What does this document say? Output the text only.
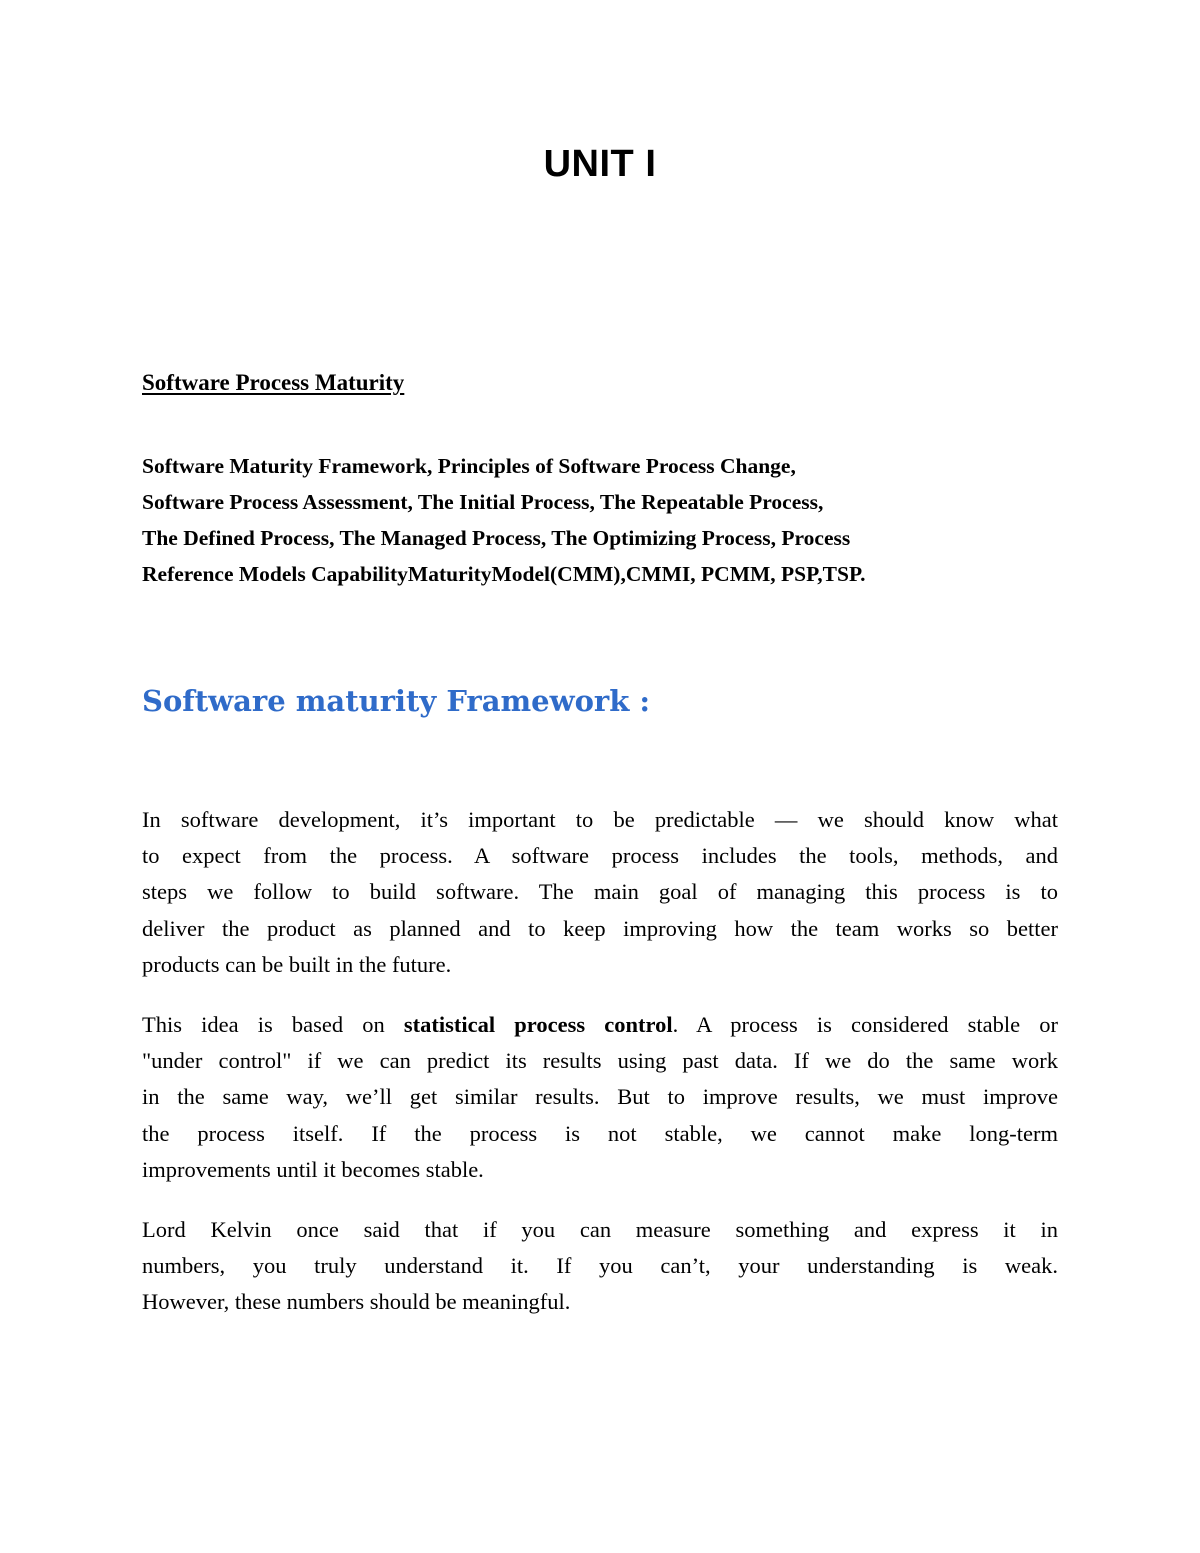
UNIT I
Software Process Maturity

Software Maturity Framework, Principles of Software Process Change,
Software Process Assessment, The Initial Process, The Repeatable Process,
The Defined Process, The Managed Process, The Optimizing Process, Process
Reference Models CapabilityMaturityModel(CMM),CMMI, PCMM, PSP,TSP.

Software maturity Framework :

In software development, it’s important to be predictable — we should know what
to expect from the process. A software process includes the tools, methods, and
steps we follow to build software. The main goal of managing this process is to
deliver the product as planned and to keep improving how the team works so better
products can be built in the future.

This idea is based on statistical process control. A process is considered stable or
"under control" if we can predict its results using past data. If we do the same work
in the same way, we’ll get similar results. But to improve results, we must improve
the process itself. If the process is not stable, we cannot make long-term
improvements until it becomes stable.

Lord Kelvin once said that if you can measure something and express it in
numbers, you truly understand it. If you can’t, your understanding is weak.
However, these numbers should be meaningful.
